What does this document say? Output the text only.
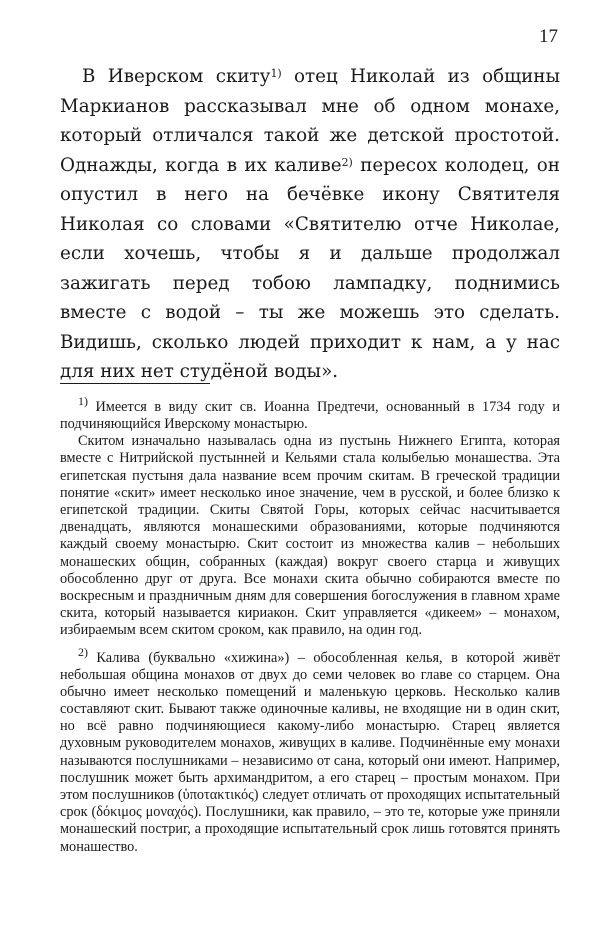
17

В Иверском скиту$^{1)}$ отец Николай из общины Маркианов рассказывал мне об одном монахе, который отличался такой же детской простотой. Однажды, когда в их каливе$^{2)}$ пересох колодец, он опустил в него на бечёвке икону Святителя Николая со словами «Святителю отче Николае, если хочешь, чтобы я и дальше продолжал зажигать перед тобою лампадку, поднимись вместе с водой – ты же можешь это сделать. Видишь, сколько людей приходит к нам, а у нас для них нет студёной воды».

$^{1)}$ Имеется в виду скит св. Иоанна Предтечи, основанный в 1734 году и подчиняющийся Иверскому монастырю.

Скитом изначально называлась одна из пустынь Нижнего Египта, которая вместе с Нитрийской пустынней и Кельями стала колыбелью монашества. Эта египетская пустыня дала название всем прочим скитам. В греческой традиции понятие «скит» имеет несколько иное значение, чем в русской, и более близко к египетской традиции. Скиты Святой Горы, которых сейчас насчитывается двенадцать, являются монашескими образованиями, которые подчиняются каждый своему монастырю. Скит состоит из множества калив – небольших монашеских общин, собранных (каждая) вокруг своего старца и живущих обособленно друг от друга. Все монахи скита обычно собираются вместе по воскресным и праздничным дням для совершения богослужения в главном храме скита, который называется кириакон. Скит управляется «дикеем» – монахом, избираемым всем скитом сроком, как правило, на один год.

$^{2)}$ Калива (буквально «хижина») – обособленная келья, в которой живёт небольшая община монахов от двух до семи человек во главе со старцем. Она обычно имеет несколько помещений и маленькую церковь. Несколько калив составляют скит. Бывают также одиночные каливы, не входящие ни в один скит, но всё равно подчиняющиеся какому-либо монастырю. Старец является духовным руководителем монахов, живущих в каливе. Подчинённые ему монахи называются послушниками – независимо от сана, который они имеют. Например, послушник может быть архимандритом, а его старец – простым монахом. При этом послушников (ὑποτακτικός) следует отличать от проходящих испытательный срок (δόκιμος μοναχός). Послушники, как правило, – это те, которые уже приняли монашеский постриг, а проходящие испытательный срок лишь готовятся принять монашество.
